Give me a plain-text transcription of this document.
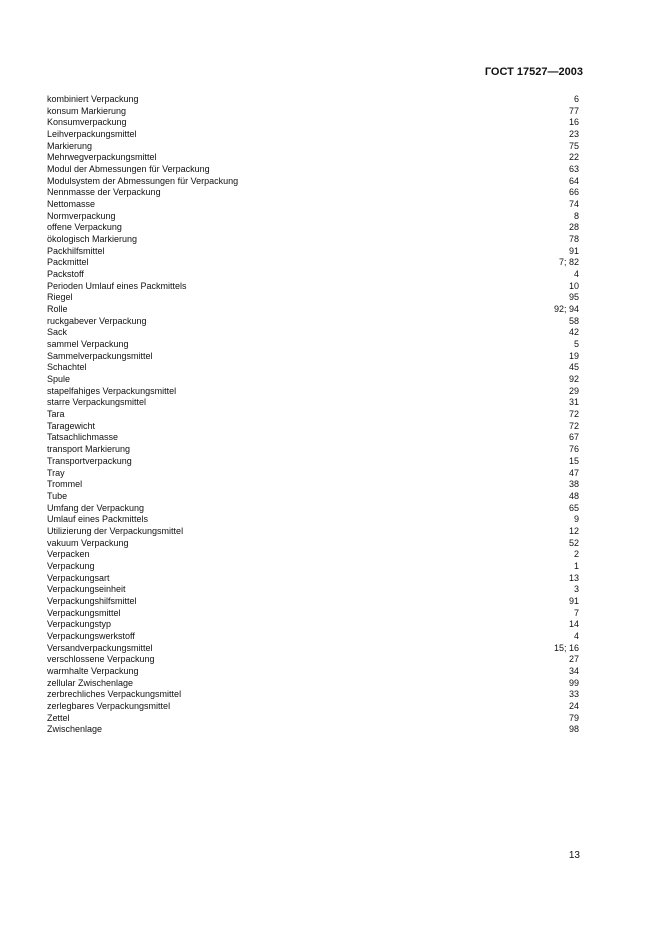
ГОСТ 17527—2003
kombiniert Verpackung	6
konsum Markierung	77
Konsumverpackung	16
Leihverpackungsmittel	23
Markierung	75
Mehrwegverpackungsmittel	22
Modul der Abmessungen für Verpackung	63
Modulsystem der Abmessungen für Verpackung	64
Nennmasse der Verpackung	66
Nettomasse	74
Normverpackung	8
offene Verpackung	28
ökologisch Markierung	78
Packhilfsmittel	91
Packmittel	7; 82
Packstoff	4
Perioden Umlauf eines Packmittels	10
Riegel	95
Rolle	92; 94
ruckgabever Verpackung	58
Sack	42
sammel Verpackung	5
Sammelverpackungsmittel	19
Schachtel	45
Spule	92
stapelfahiges Verpackungsmittel	29
starre Verpackungsmittel	31
Tara	72
Taragewicht	72
Tatsachlichmasse	67
transport Markierung	76
Transportverpackung	15
Tray	47
Trommel	38
Tube	48
Umfang der Verpackung	65
Umlauf eines Packmittels	9
Utilizierung der Verpackungsmittel	12
vakuum Verpackung	52
Verpacken	2
Verpackung	1
Verpackungsart	13
Verpackungseinheit	3
Verpackungshilfsmittel	91
Verpackungsmittel	7
Verpackungstyp	14
Verpackungswerkstoff	4
Versandverpackungsmittel	15; 16
verschlossene Verpackung	27
warmhalte Verpackung	34
zellular Zwischenlage	99
zerbrechliches Verpackungsmittel	33
zerlegbares Verpackungsmittel	24
Zettel	79
Zwischenlage	98
13
